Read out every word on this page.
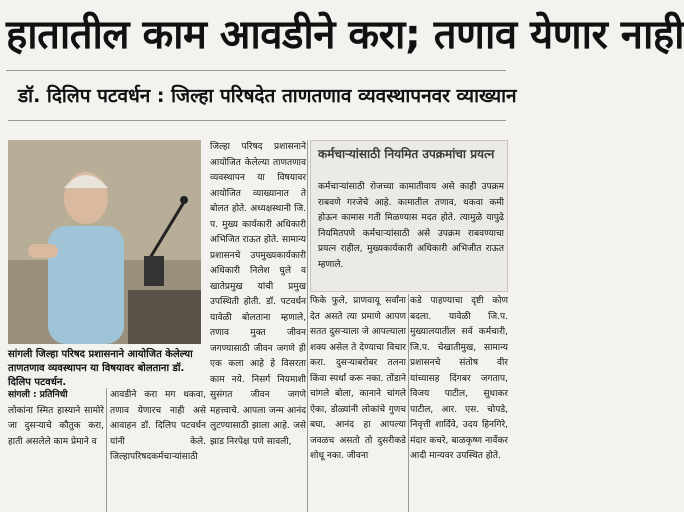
हातातील काम आवडीने करा; तणाव येणार नाही
डॉ. दिलिप पटवर्धन : जिल्हा परिषदेत ताणतणाव व्यवस्थापनवर व्याख्यान
सांगली जिल्हा परिषद प्रशासनाने आयोजित केलेल्या ताणतणाव व्यवस्थापन या विषयावर बोलताना डॉ. दिलिप पटवर्धन.

सांगली : प्रतिनिधी

लोकांना स्मित हास्याने सामोरे जा दुसऱ्याचे कौतुक करा, हाती असलेले काम प्रेमाने व

आवडीने करा मग धकवा, तणाव येणारच नाही असे आवाहन डॉ. दिलिप पटवर्धन यांनी केले. जिल्हापरिषदकर्मचाऱ्यांसाठी

जिल्हा परिषद प्रशासनाने आयोजित केलेल्या ताणतणाव व्यवस्थापन या विषयावर आयोजित व्याख्यानात ते बोलत होते. अध्यक्षस्थानी जि. प. मुख्य कार्यकारी अधिकारी अभिजित राऊत होते. सामान्य प्रशासनचे उपमुख्यकार्यकारी अधिकारी निलेश घुले व खातेप्रमुख यांची प्रमुख उपस्थिती होती. डॉ. पटवर्धन यावेळी बोलताना म्हणाले, तणाव मुक्त जीवन जगण्यासाठी जीवन जगणे ही एक कला आहे हे विसरता काम नये. निसर्ग नियमाशी सुसंगत जीवन जगणे महत्त्वाचे. आपला जन्म आनंद लुटण्यासाठी झाला आहे. जसे झाड निरपेक्ष पणे सावली,

कर्मचाऱ्यांसाठी नियमित उपक्रमांचा प्रयत्न

कर्मचाऱ्यांसाठी रोजच्या कामातीवाय असे काही उपक्रम राबवणे गरजेचे आहे. कामातील तणाव, थकवा कमी होऊन कामास गती मिळण्यास मदत होते. त्यामुळे यापुढे नियमितपणे कर्मचाऱ्यांसाठी असे उपक्रम राबवण्याचा प्रयत्न राहील, मुख्यकार्यकारी अधिकारी अभिजीत राऊत म्हणाले.

फिके फुले, प्राणवायू सर्वांना देत असते त्या प्रमाणे आपण सतत दुसऱ्याला जे आपल्याला शक्य असेल ते देण्याचा विचार करा. दुसऱ्याबरोबर तलना किंवा स्पर्धा करू नका. तोंडाने चांगले बोला, कानाने चांगले ऐका, डोळ्यांनी लोकांचे गुणच बघा, आनंद हा आपल्या जवळच असतो तो दुसरीकडे शोधू नका. जीवना

कडे पाहण्याचा दृष्टी कोण बदला. यावेळी जि.प. मुख्यालयातील सर्व कर्मचारी, जि.प. चेखातीमुख, सामान्य प्रशासनचे संतोष वीर यांच्यासह दिंगबर जगताप, विजय पाटील, सुधाकर पाटील, आर. एस. चोपडे, निवृत्ती शार्दिवे, उदय हिनगिरे, मंदार कचरे, बाळकृष्ण नार्वेकर आदी मान्यवर उपस्थित होते.
